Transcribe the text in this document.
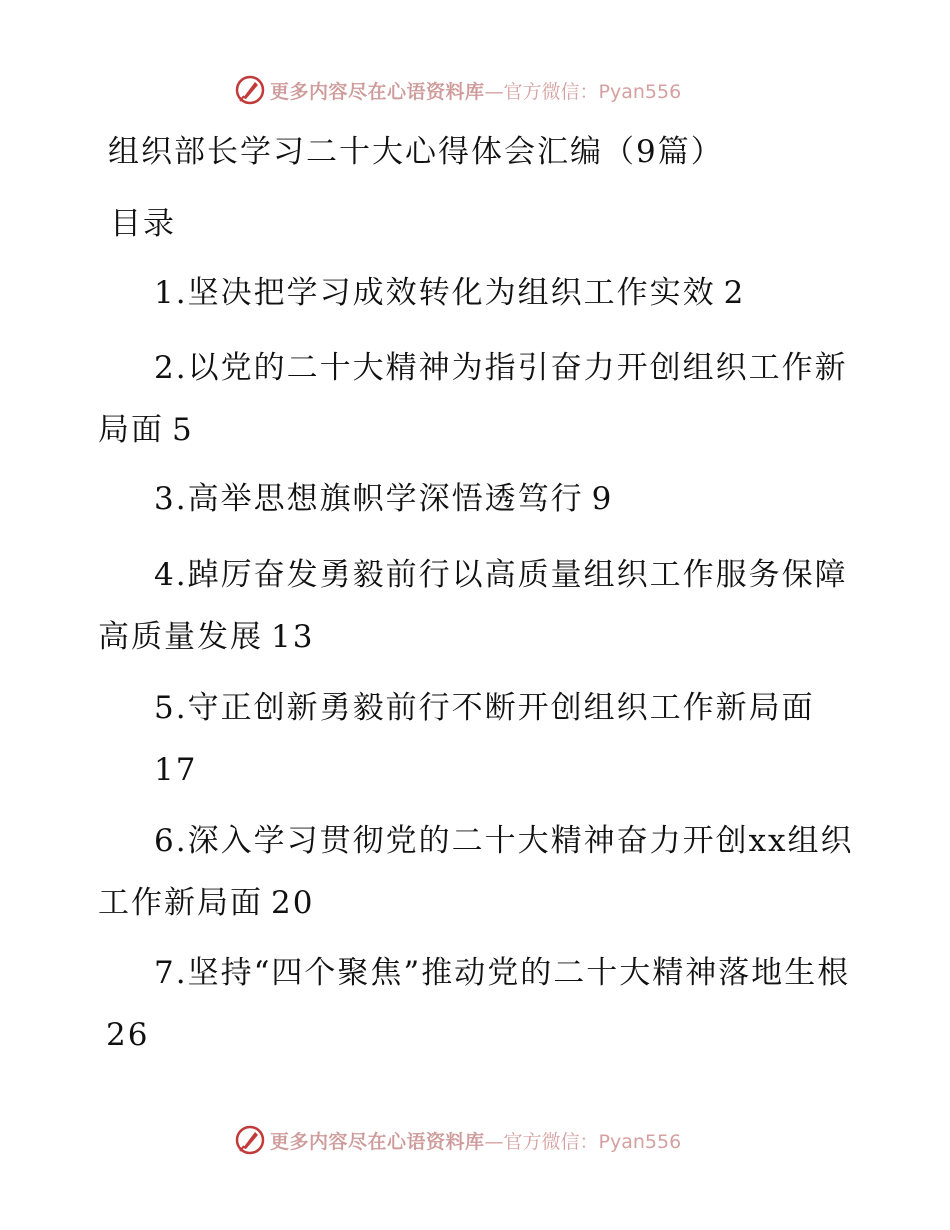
更多内容尽在心语资料库 —官方微信：Pyan556
组织部长学习二十大心得体会汇编（9篇）
目录

1.坚决把学习成效转化为组织工作实效 2

2.以党的二十大精神为指引奋力开创组织工作新局面 5

3.高举思想旗帜学深悟透笃行 9

4.踔厉奋发勇毅前行以高质量组织工作服务保障高质量发展 13

5.守正创新勇毅前行不断开创组织工作新局面
17

6.深入学习贯彻党的二十大精神奋力开创xx组织工作新局面 20

7.坚持“四个聚焦”推动党的二十大精神落地生根26

更多内容尽在心语资料库 —官方微信：Pyan556
